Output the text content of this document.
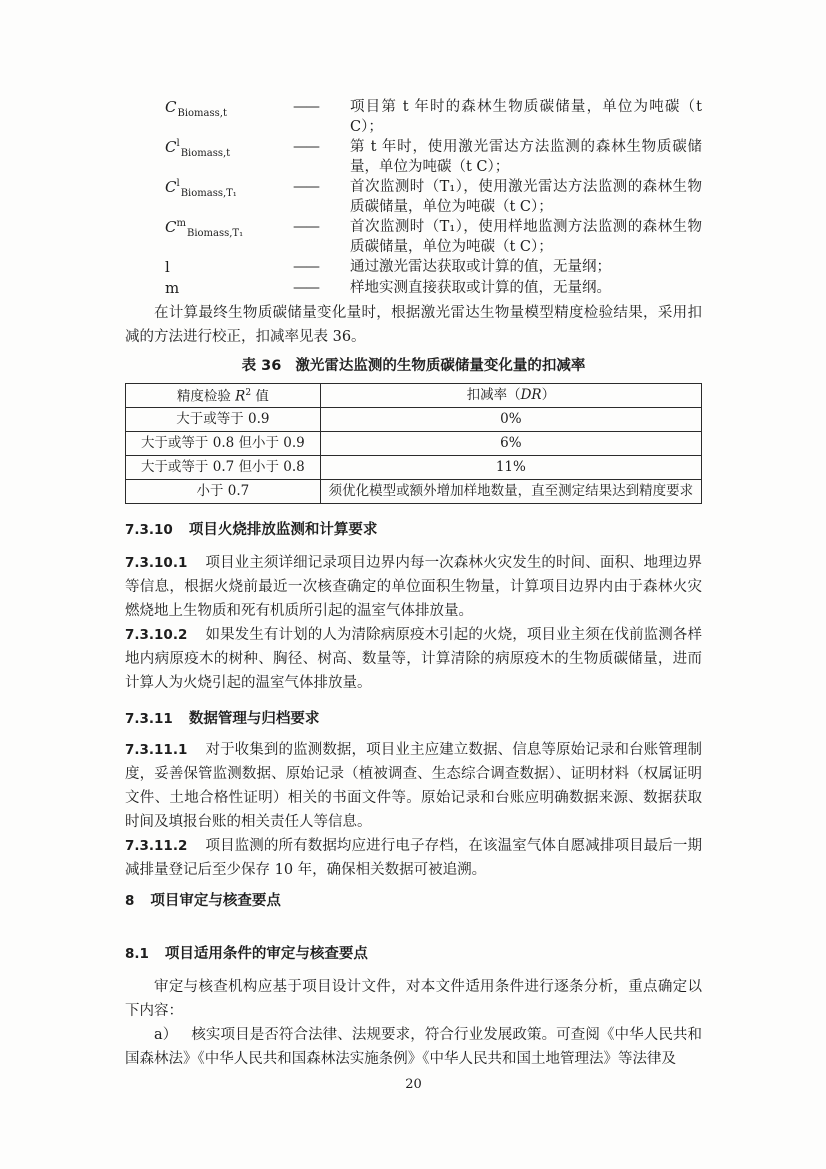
$C_{Biomass,t}$	——	项目第 t 年时的森林生物质碳储量，单位为吨碳（t C）；
$C^l_{Biomass,t}$	——	第 t 年时，使用激光雷达方法监测的森林生物质碳储量，单位为吨碳（t C）；
$C^l_{Biomass,T_1}$	——	首次监测时（T₁），使用激光雷达方法监测的森林生物质碳储量，单位为吨碳（t C）；
$C^m_{Biomass,T_1}$	——	首次监测时（T₁），使用样地监测方法监测的森林生物质碳储量，单位为吨碳（t C）；
l	——	通过激光雷达获取或计算的值，无量纲；
m	——	样地实测直接获取或计算的值，无量纲。

在计算最终生物质碳储量变化量时，根据激光雷达生物量模型精度检验结果，采用扣减的方法进行校正，扣减率见表 36。

表 36 激光雷达监测的生物质碳储量变化量的扣减率
精度检验 $R^2$ 值	扣减率（DR）
大于或等于 0.9	0%
大于或等于 0.8 但小于 0.9	6%
大于或等于 0.7 但小于 0.8	11%
小于 0.7	须优化模型或额外增加样地数量，直至测定结果达到精度要求
7.3.10 项目火烧排放监测和计算要求

7.3.10.1 项目业主须详细记录项目边界内每一次森林火灾发生的时间、面积、地理边界等信息，根据火烧前最近一次核查确定的单位面积生物量，计算项目边界内由于森林火灾燃烧地上生物质和死有机质所引起的温室气体排放量。

7.3.10.2 如果发生有计划的人为清除病原疫木引起的火烧，项目业主须在伐前监测各样地内病原疫木的树种、胸径、树高、数量等，计算清除的病原疫木的生物质碳储量，进而计算人为火烧引起的温室气体排放量。

7.3.11 数据管理与归档要求

7.3.11.1 对于收集到的监测数据，项目业主应建立数据、信息等原始记录和台账管理制度，妥善保管监测数据、原始记录（植被调查、生态综合调查数据）、证明材料（权属证明文件、土地合格性证明）相关的书面文件等。原始记录和台账应明确数据来源、数据获取时间及填报台账的相关责任人等信息。

7.3.11.2 项目监测的所有数据均应进行电子存档，在该温室气体自愿减排项目最后一期减排量登记后至少保存 10 年，确保相关数据可被追溯。

8 项目审定与核查要点
8.1 项目适用条件的审定与核查要点

审定与核查机构应基于项目设计文件，对本文件适用条件进行逐条分析，重点确定以下内容：

a） 核实项目是否符合法律、法规要求，符合行业发展政策。可查阅《中华人民共和国森林法》《中华人民共和国森林法实施条例》《中华人民共和国土地管理法》等法律及

20
